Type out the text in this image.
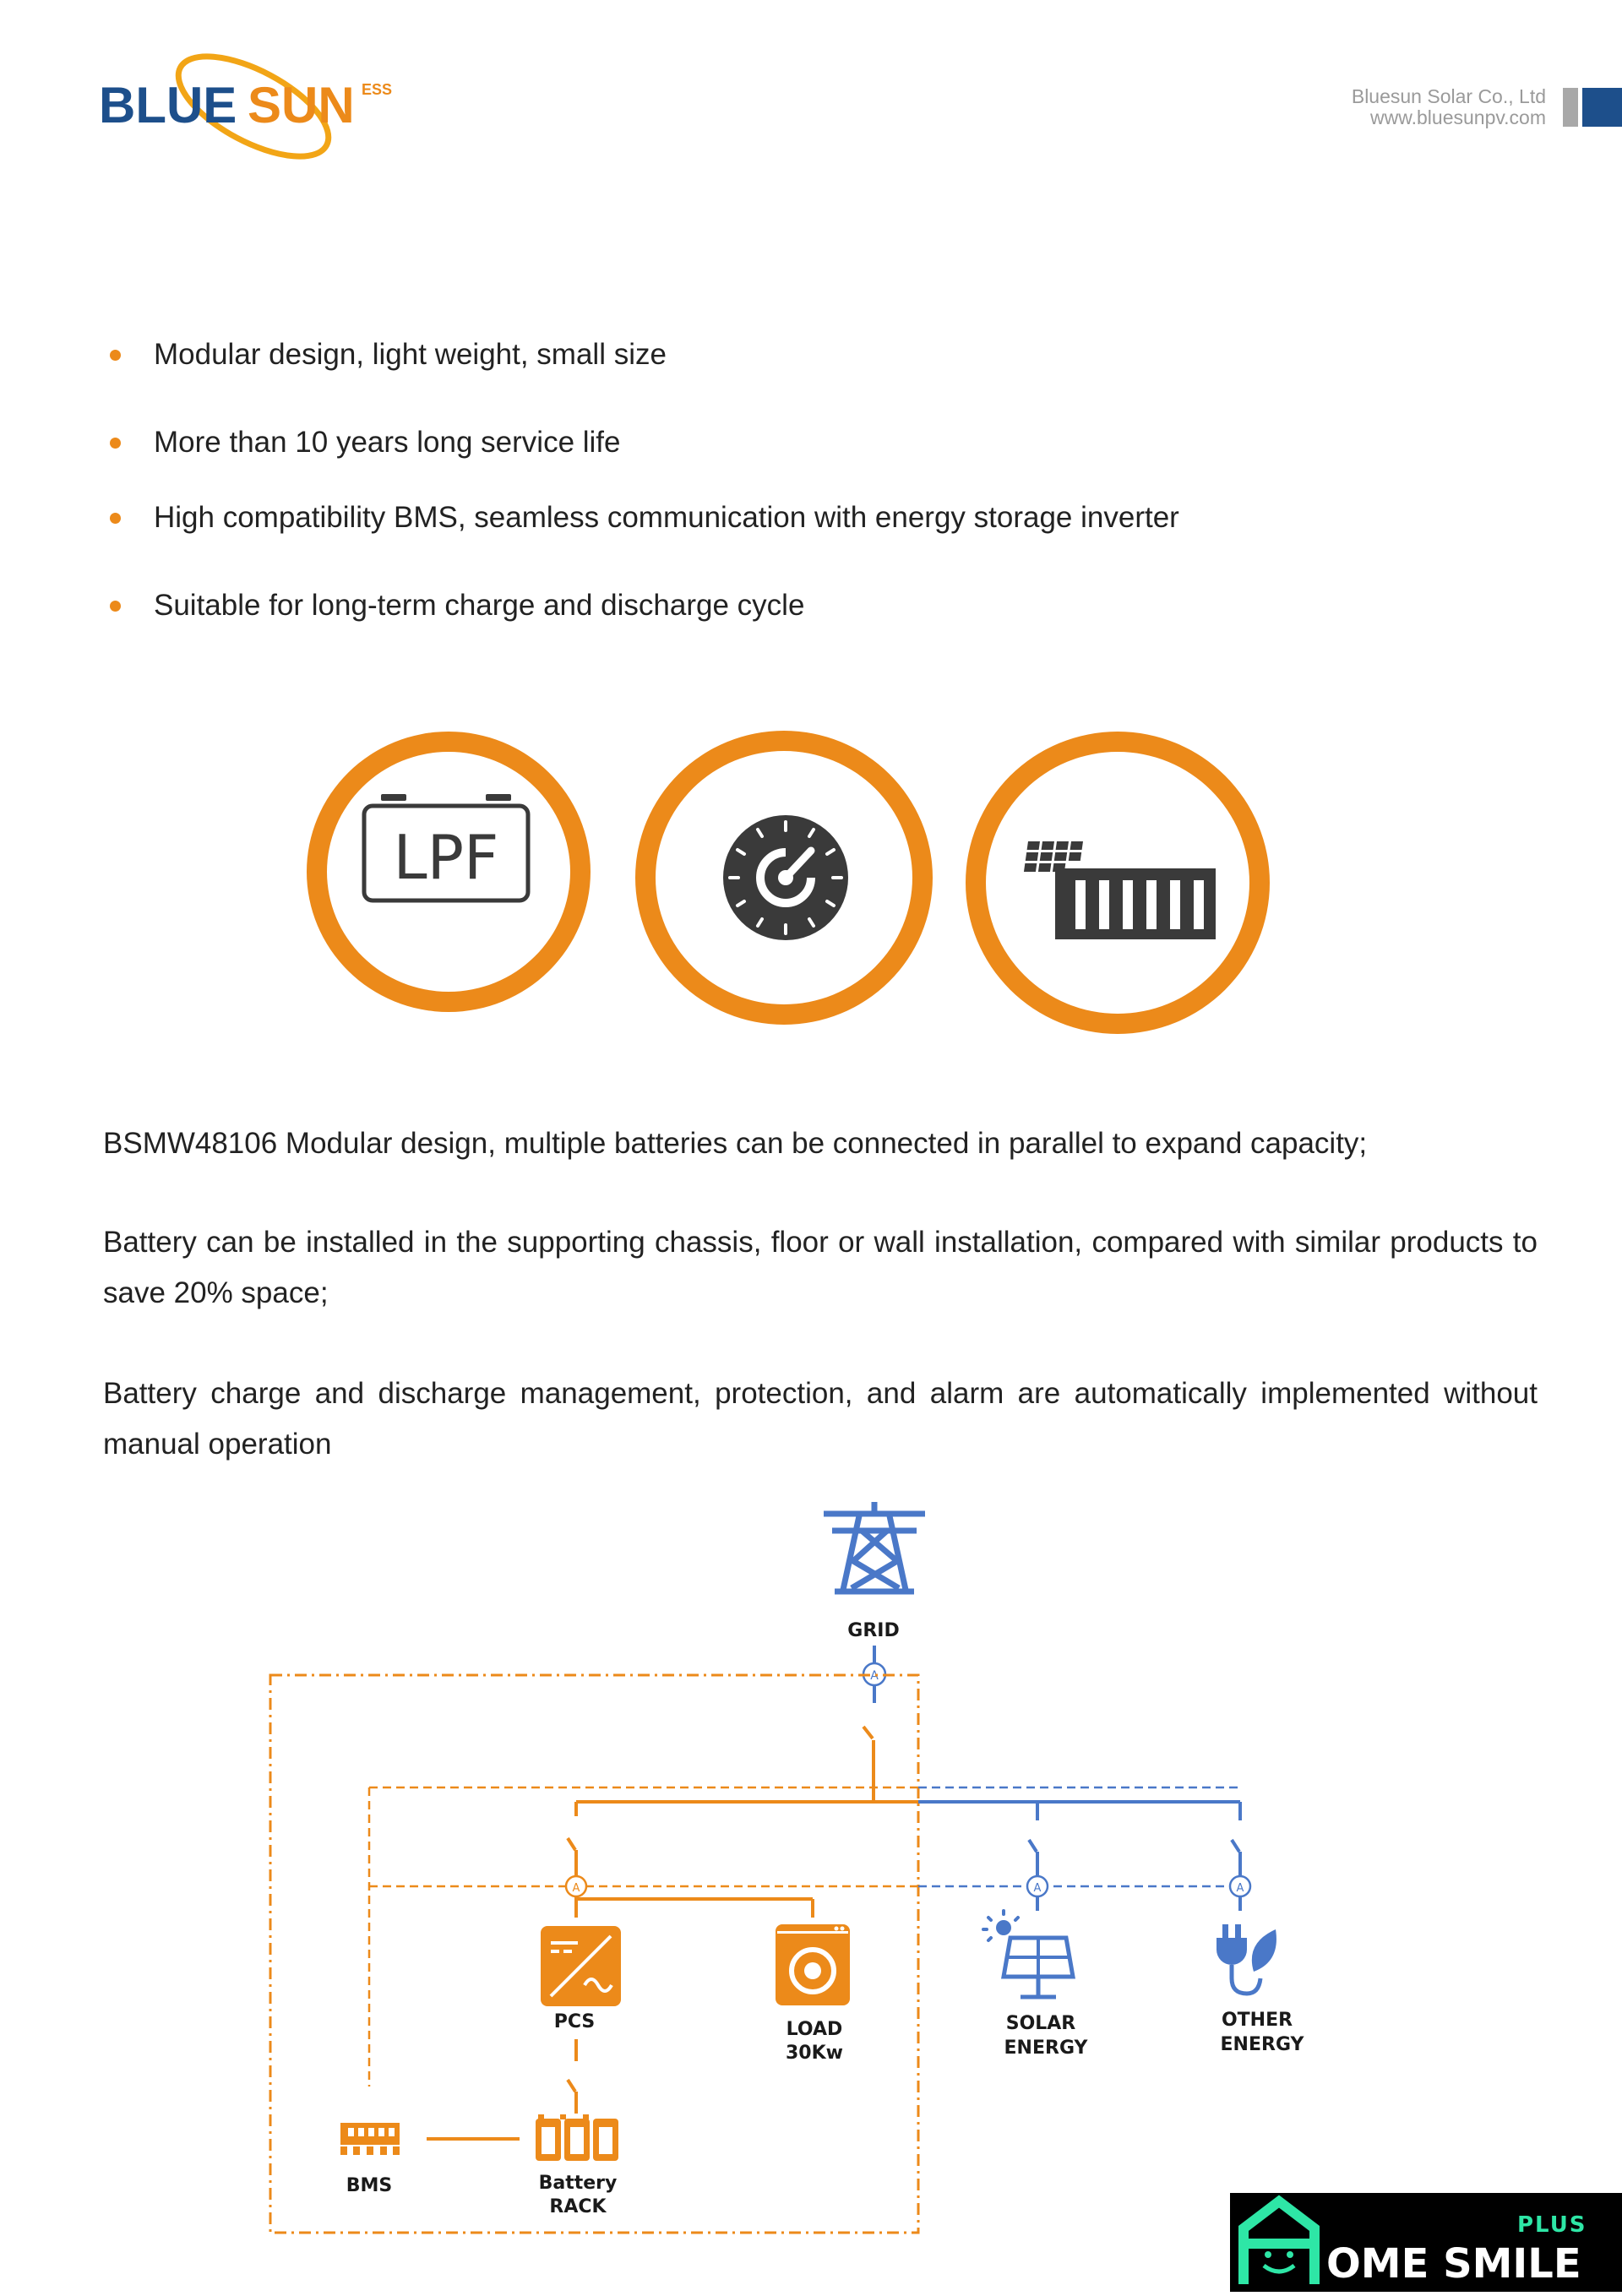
BLUE SUN ESS	Bluesun Solar Co., Ltd
www.bluesunpv.com
Modular design, light weight, small size
More than 10 years long service life
High compatibility BMS, seamless communication with energy storage inverter
Suitable for long-term charge and discharge cycle
LPF
BSMW48106 Modular design, multiple batteries can be connected in parallel to expand capacity;
Battery can be installed in the supporting chassis, floor or wall installation, compared with similar products to save 20% space;
Battery charge and discharge management, protection, and alarm are automatically implemented without manual operation
GRID
A
A
PCS	LOAD
30Kw
Battery
RACK
BMS
A
SOLAR
ENERGY
A
OTHER
ENERGY
PLUS
OME SMILE
